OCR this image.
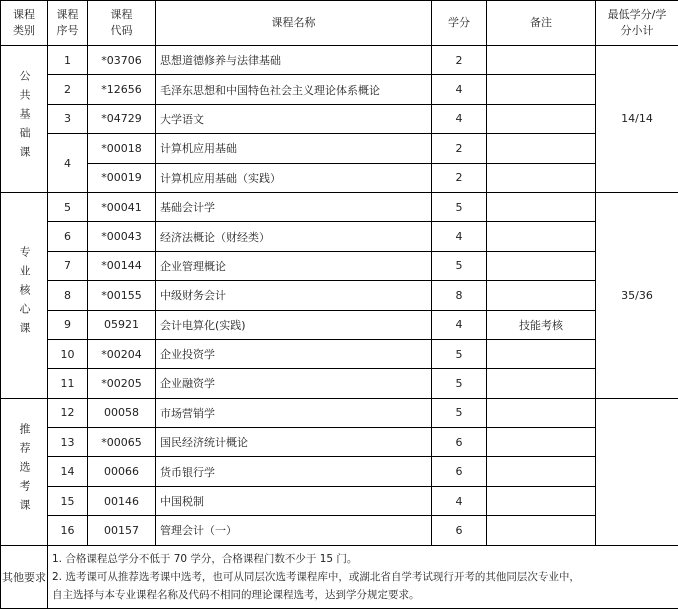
课程类别	课程序号	课程代码	课程名称	学分	备注	最低学分/学分小计
公共基础课	1	*03706	思想道德修养与法律基础	2		14/14
	2	*12656	毛泽东思想和中国特色社会主义理论体系概论	4		
	3	*04729	大学语文	4		
	4	*00018	计算机应用基础	2		
		*00019	计算机应用基础（实践）	2		
专业核心课	5	*00041	基础会计学	5		35/36
	6	*00043	经济法概论（财经类）	4		
	7	*00144	企业管理概论	5		
	8	*00155	中级财务会计	8		
	9	05921	会计电算化(实践)	4	技能考核	
	10	*00204	企业投资学	5		
	11	*00205	企业融资学	5		
推荐选考课	12	00058	市场营销学	5		
	13	*00065	国民经济统计概论	6		
	14	00066	货币银行学	6		
	15	00146	中国税制	4		
	16	00157	管理会计（一）	6		
其他要求	1. 合格课程总学分不低于 70 学分，合格课程门数不少于 15 门。
2. 选考课可从推荐选考课中选考，也可从同层次选考课程库中，或湖北省自学考试现行开考的其他同层次专业中，
自主选择与本专业课程名称及代码不相同的理论课程选考，达到学分规定要求。					
